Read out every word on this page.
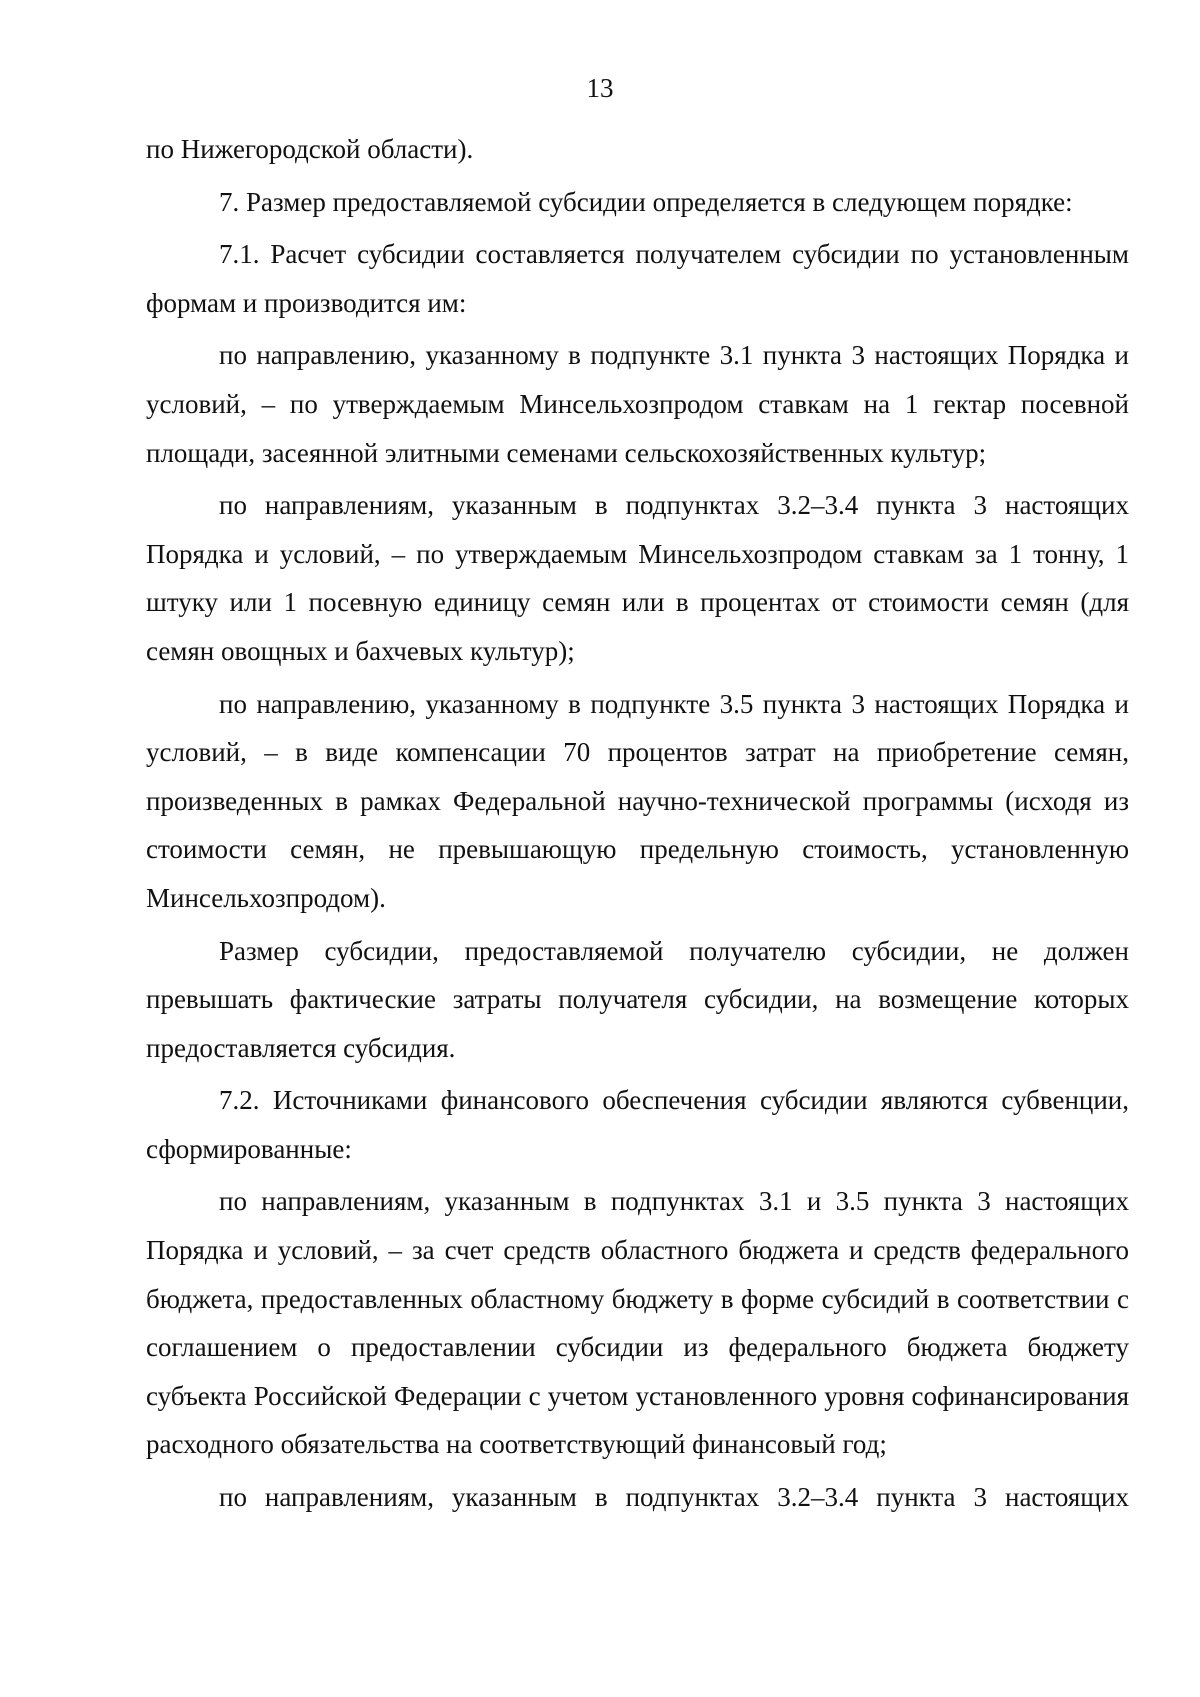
13

по Нижегородской области).

7. Размер предоставляемой субсидии определяется в следующем порядке:

7.1. Расчет субсидии составляется получателем субсидии по установленным формам и производится им:

по направлению, указанному в подпункте 3.1 пункта 3 настоящих Порядка и условий, – по утверждаемым Минсельхозпродом ставкам на 1 гектар посевной площади, засеянной элитными семенами сельскохозяйственных культур;

по направлениям, указанным в подпунктах 3.2–3.4 пункта 3 настоящих Порядка и условий, – по утверждаемым Минсельхозпродом ставкам за 1 тонну, 1 штуку или 1 посевную единицу семян или в процентах от стоимости семян (для семян овощных и бахчевых культур);

по направлению, указанному в подпункте 3.5 пункта 3 настоящих Порядка и условий, – в виде компенсации 70 процентов затрат на приобретение семян, произведенных в рамках Федеральной научно-технической программы (исходя из стоимости семян, не превышающую предельную стоимость, установленную Минсельхозпродом).

Размер субсидии, предоставляемой получателю субсидии, не должен превышать фактические затраты получателя субсидии, на возмещение которых предоставляется субсидия.

7.2. Источниками финансового обеспечения субсидии являются субвенции, сформированные:

по направлениям, указанным в подпунктах 3.1 и 3.5 пункта 3 настоящих Порядка и условий, – за счет средств областного бюджета и средств федерального бюджета, предоставленных областному бюджету в форме субсидий в соответствии с соглашением о предоставлении субсидии из федерального бюджета бюджету субъекта Российской Федерации с учетом установленного уровня софинансирования расходного обязательства на соответствующий финансовый год;

по направлениям, указанным в подпунктах 3.2–3.4 пункта 3 настоящих
